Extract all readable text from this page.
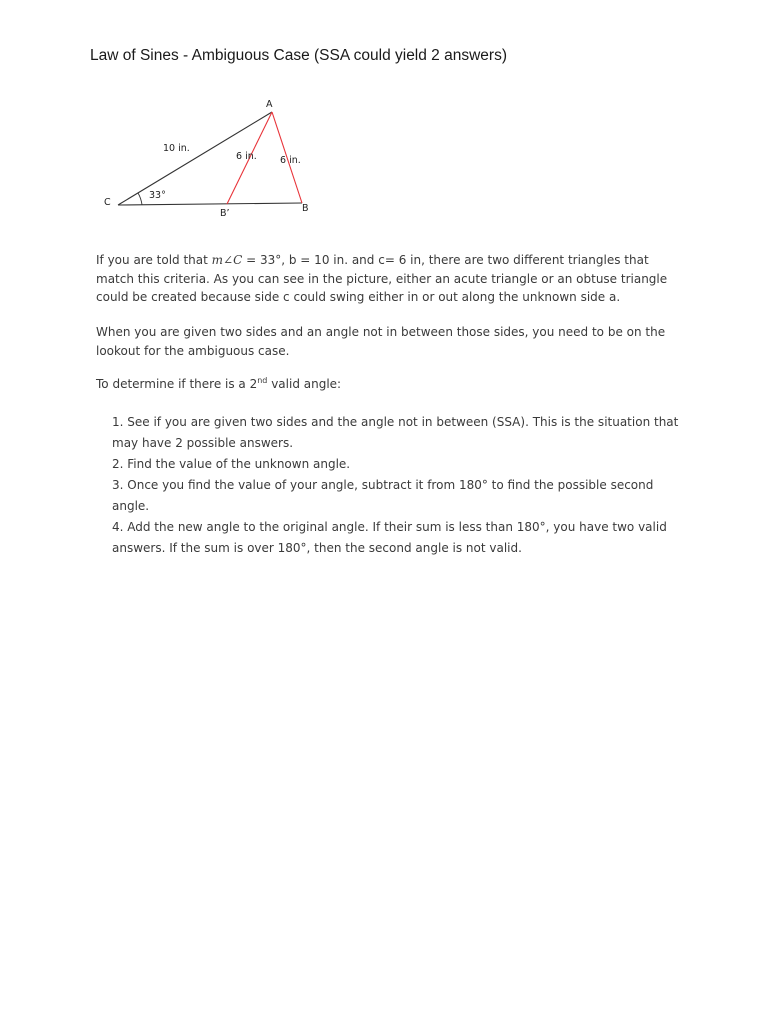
Law of Sines - Ambiguous Case (SSA could yield 2 answers)
A
B
B’
C
10 in.
6 in. 6 in.
33°

If you are told that m∠C = 33°, b = 10 in. and c= 6 in, there are two different triangles that match this criteria. As you can see in the picture, either an acute triangle or an obtuse triangle could be created because side c could swing either in or out along the unknown side a.

When you are given two sides and an angle not in between those sides, you need to be on the lookout for the ambiguous case.

To determine if there is a 2nd valid angle:

1. See if you are given two sides and the angle not in between (SSA). This is the situation that may have 2 possible answers.
2. Find the value of the unknown angle.
3. Once you find the value of your angle, subtract it from 180° to find the possible second angle.
4. Add the new angle to the original angle. If their sum is less than 180°, you have two valid answers. If the sum is over 180°, then the second angle is not valid.
